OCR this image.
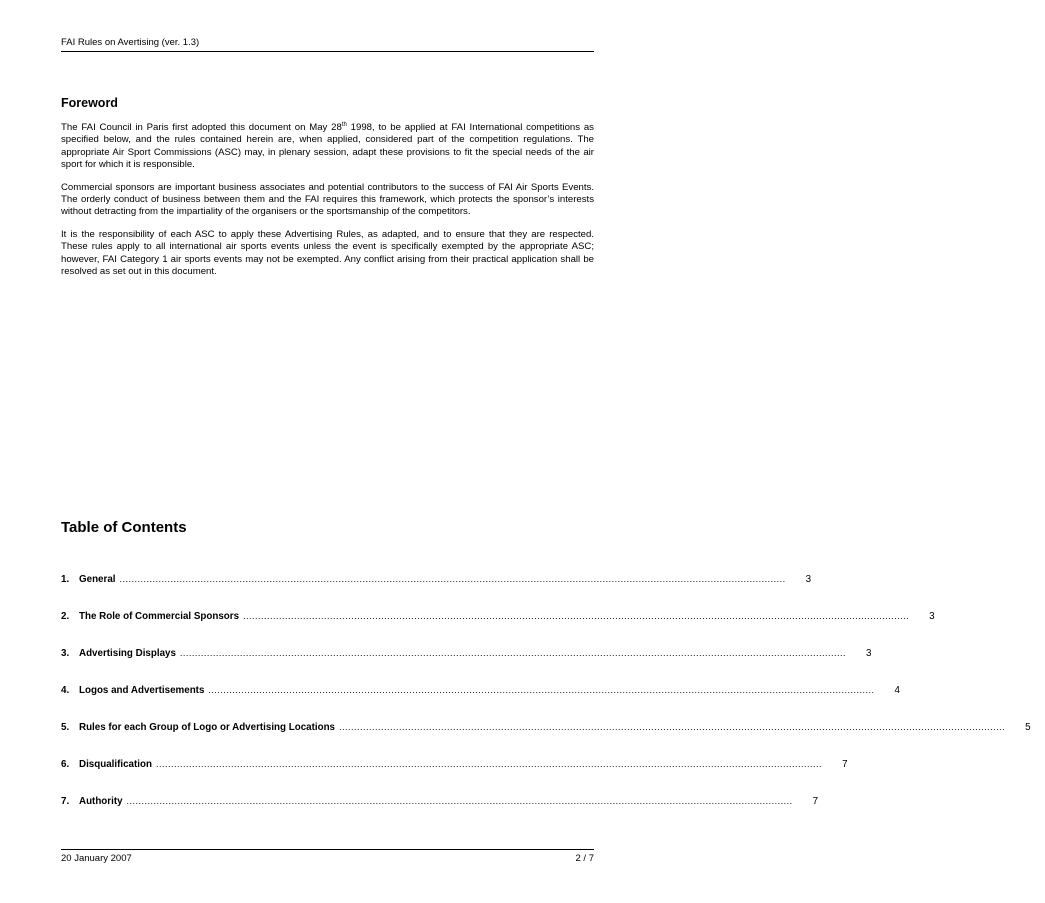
FAI Rules on Avertising (ver. 1.3)
Foreword

The FAI Council in Paris first adopted this document on May 28th 1998, to be applied at FAI International competitions as specified below, and the rules contained herein are, when applied, considered part of the competition regulations. The appropriate Air Sport Commissions (ASC) may, in plenary session, adapt these provisions to fit the special needs of the air sport for which it is responsible.

Commercial sponsors are important business associates and potential contributors to the success of FAI Air Sports Events. The orderly conduct of business between them and the FAI requires this framework, which protects the sponsor’s interests without detracting from the impartiality of the organisers or the sportsmanship of the competitors.

It is the responsibility of each ASC to apply these Advertising Rules, as adapted, and to ensure that they are respected. These rules apply to all international air sports events unless the event is specifically exempted by the appropriate ASC; however, FAI Category 1 air sports events may not be exempted. Any conflict arising from their practical application shall be resolved as set out in this document.

Table of Contents
1.	General .............................................................................................................................................................................................................................. 3
2.	The Role of Commercial Sponsors .............................................................................................................................................................................................................................. 3
3.	Advertising Displays .............................................................................................................................................................................................................................. 3
4.	Logos and Advertisements .............................................................................................................................................................................................................................. 4
5.	Rules for each Group of Logo or Advertising Locations .............................................................................................................................................................................................................................. 5
6.	Disqualification .............................................................................................................................................................................................................................. 7
7.	Authority .............................................................................................................................................................................................................................. 7
20 January 2007	2 / 7
